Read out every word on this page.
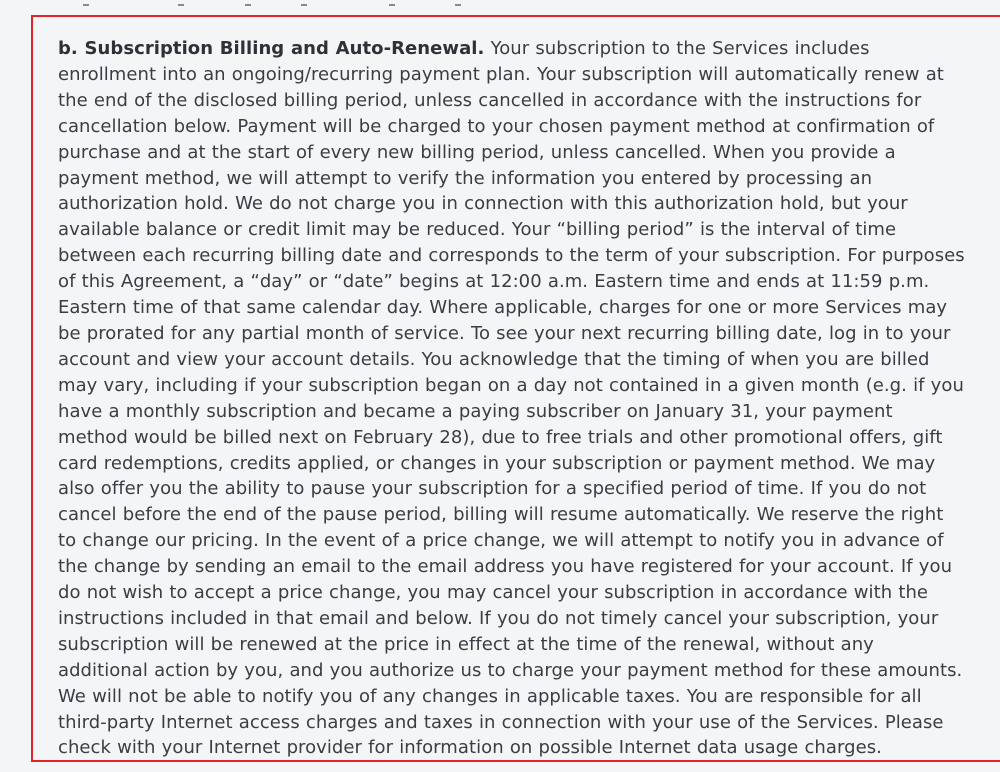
b. Subscription Billing and Auto-Renewal. Your subscription to the Services includes enrollment into an ongoing/recurring payment plan. Your subscription will automatically renew at the end of the disclosed billing period, unless cancelled in accordance with the instructions for cancellation below. Payment will be charged to your chosen payment method at confirmation of purchase and at the start of every new billing period, unless cancelled. When you provide a payment method, we will attempt to verify the information you entered by processing an authorization hold. We do not charge you in connection with this authorization hold, but your available balance or credit limit may be reduced. Your “billing period” is the interval of time between each recurring billing date and corresponds to the term of your subscription. For purposes of this Agreement, a “day” or “date” begins at 12:00 a.m. Eastern time and ends at 11:59 p.m. Eastern time of that same calendar day. Where applicable, charges for one or more Services may be prorated for any partial month of service. To see your next recurring billing date, log in to your account and view your account details. You acknowledge that the timing of when you are billed may vary, including if your subscription began on a day not contained in a given month (e.g. if you have a monthly subscription and became a paying subscriber on January 31, your payment method would be billed next on February 28), due to free trials and other promotional offers, gift card redemptions, credits applied, or changes in your subscription or payment method. We may also offer you the ability to pause your subscription for a specified period of time. If you do not cancel before the end of the pause period, billing will resume automatically. We reserve the right to change our pricing. In the event of a price change, we will attempt to notify you in advance of the change by sending an email to the email address you have registered for your account. If you do not wish to accept a price change, you may cancel your subscription in accordance with the instructions included in that email and below. If you do not timely cancel your subscription, your subscription will be renewed at the price in effect at the time of the renewal, without any additional action by you, and you authorize us to charge your payment method for these amounts. We will not be able to notify you of any changes in applicable taxes. You are responsible for all third-party Internet access charges and taxes in connection with your use of the Services. Please check with your Internet provider for information on possible Internet data usage charges.
